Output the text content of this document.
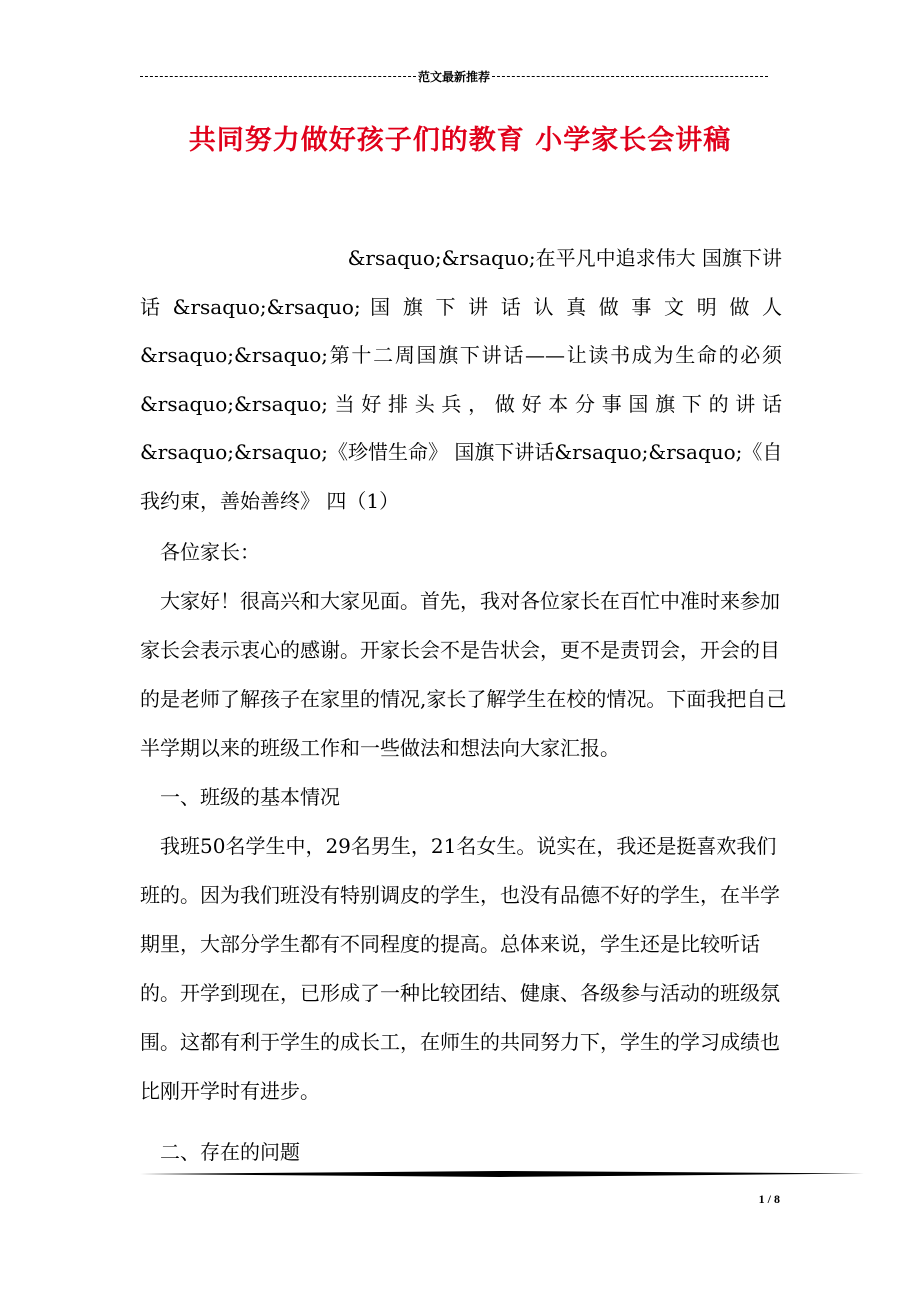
范文最新推荐
共同努力做好孩子们的教育 小学家长会讲稿
&rsaquo;&rsaquo;在平凡中追求伟大 国旗下讲
话 &rsaquo;&rsaquo; 国 旗 下 讲 话 认 真 做 事 文 明 做 人
&rsaquo;&rsaquo;第十二周国旗下讲话——让读书成为生命的必须
&rsaquo;&rsaquo; 当 好 排 头 兵 ， 做 好 本 分 事 国 旗 下 的 讲 话
&rsaquo;&rsaquo;《珍惜生命》 国旗下讲话&rsaquo;&rsaquo;《自
我约束，善始善终》 四（1）

各位家长：

大家好！很高兴和大家见面。首先，我对各位家长在百忙中准时来参加家长会表示衷心的感谢。开家长会不是告状会，更不是责罚会，开会的目的是老师了解孩子在家里的情况,家长了解学生在校的情况。下面我把自己半学期以来的班级工作和一些做法和想法向大家汇报。

一、班级的基本情况

我班50名学生中，29名男生，21名女生。说实在，我还是挺喜欢我们班的。因为我们班没有特别调皮的学生，也没有品德不好的学生，在半学期里，大部分学生都有不同程度的提高。总体来说，学生还是比较听话的。开学到现在，已形成了一种比较团结、健康、各级参与活动的班级氛围。这都有利于学生的成长工，在师生的共同努力下，学生的学习成绩也比刚开学时有进步。

二、存在的问题

1 / 8
